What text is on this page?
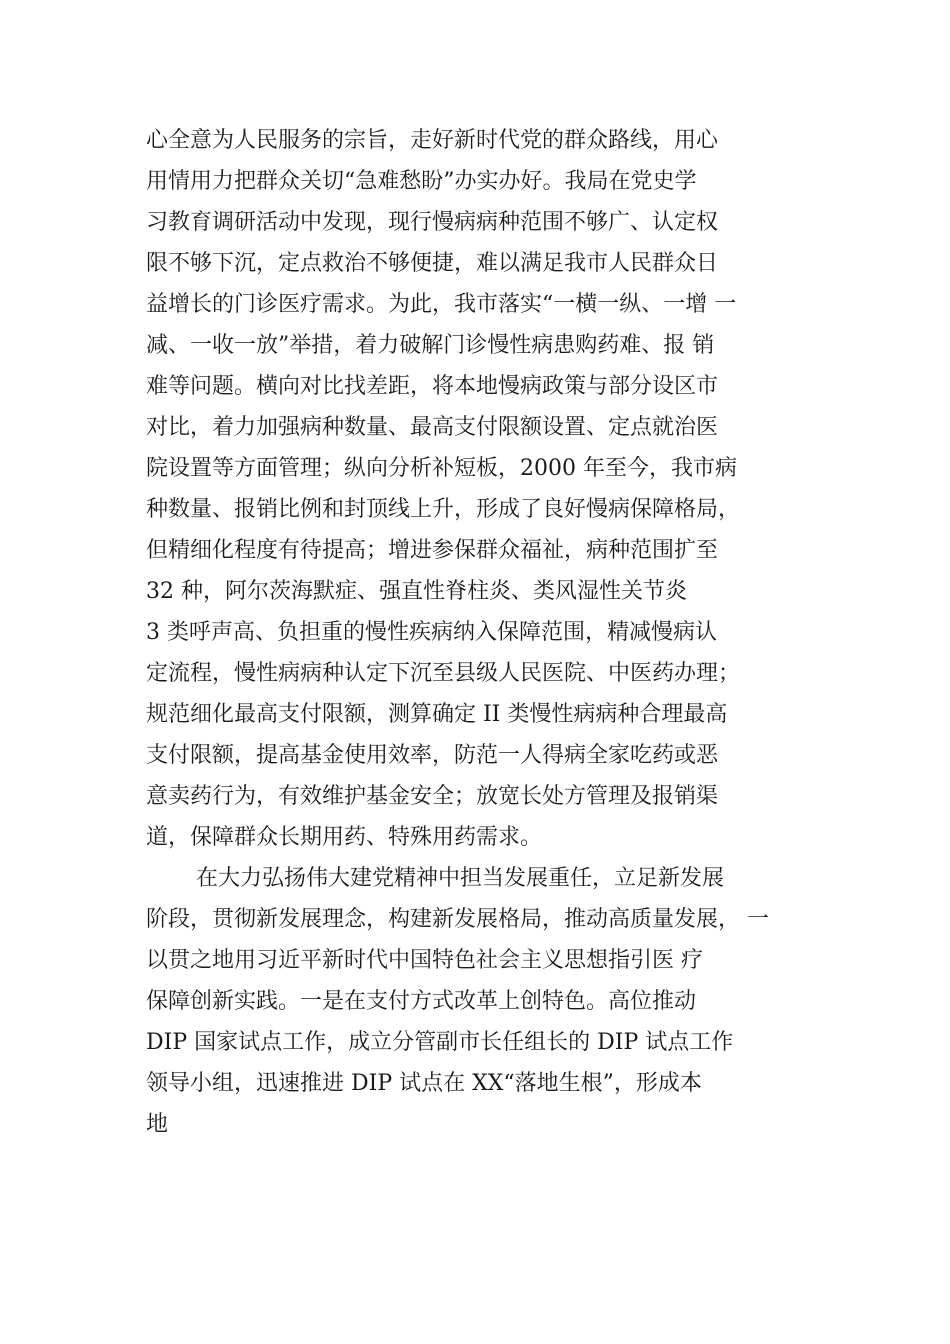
心全意为人民服务的宗旨，走好新时代党的群众路线，用心
用情用力把群众关切“急难愁盼”办实办好。我局在党史学
习教育调研活动中发现，现行慢病病种范围不够广、认定权
限不够下沉，定点救治不够便捷，难以满足我市人民群众日
益增长的门诊医疗需求。为此，我市落实“一横一纵、一增 一
减、一收一放”举措，着力破解门诊慢性病患购药难、报 销
难等问题。横向对比找差距，将本地慢病政策与部分设区市
对比，着力加强病种数量、最高支付限额设置、定点就治医
院设置等方面管理；纵向分析补短板，2000 年至今，我市病
种数量、报销比例和封顶线上升，形成了良好慢病保障格局，
但精细化程度有待提高；增进参保群众福祉，病种范围扩至
32 种，阿尔茨海默症、强直性脊柱炎、类风湿性关节炎
3 类呼声高、负担重的慢性疾病纳入保障范围，精减慢病认
定流程，慢性病病种认定下沉至县级人民医院、中医药办理；
规范细化最高支付限额，测算确定 II 类慢性病病种合理最高
支付限额，提高基金使用效率，防范一人得病全家吃药或恶
意卖药行为，有效维护基金安全；放宽长处方管理及报销渠
道，保障群众长期用药、特殊用药需求。
在大力弘扬伟大建党精神中担当发展重任，立足新发展
阶段，贯彻新发展理念，构建新发展格局，推动高质量发展， 一
以贯之地用习近平新时代中国特色社会主义思想指引医 疗
保障创新实践。一是在支付方式改革上创特色。高位推动
DIP 国家试点工作，成立分管副市长任组长的 DIP 试点工作
领导小组，迅速推进 DIP 试点在 XX“落地生根”，形成本
地
